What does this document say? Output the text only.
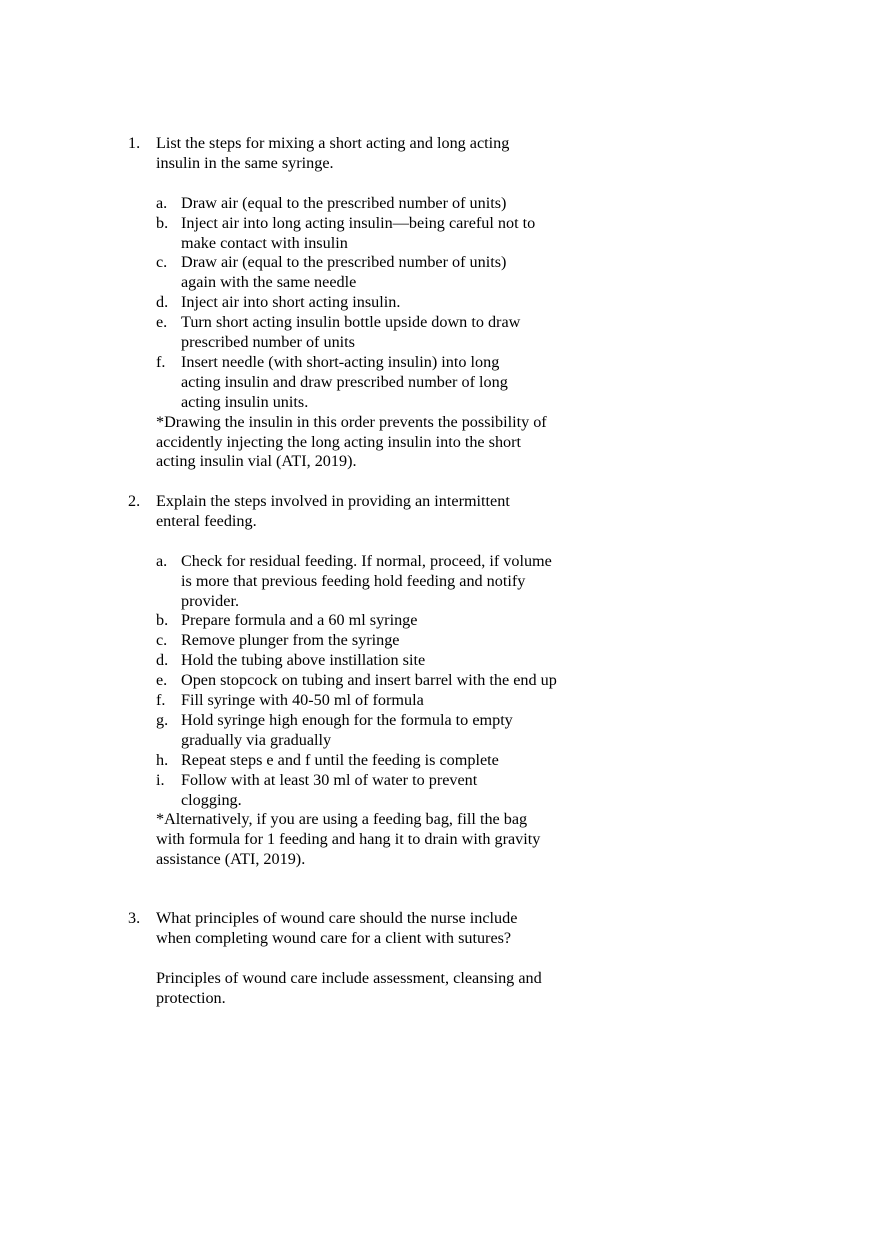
1. List the steps for mixing a short acting and long acting insulin in the same syringe.
a. Draw air (equal to the prescribed number of units)
b. Inject air into long acting insulin—being careful not to make contact with insulin
c. Draw air (equal to the prescribed number of units) again with the same needle
d. Inject air into short acting insulin.
e. Turn short acting insulin bottle upside down to draw prescribed number of units
f. Insert needle (with short-acting insulin) into long acting insulin and draw prescribed number of long acting insulin units.
*Drawing the insulin in this order prevents the possibility of accidently injecting the long acting insulin into the short acting insulin vial (ATI, 2019).
2. Explain the steps involved in providing an intermittent enteral feeding.
a. Check for residual feeding. If normal, proceed, if volume is more that previous feeding hold feeding and notify provider.
b. Prepare formula and a 60 ml syringe
c. Remove plunger from the syringe
d. Hold the tubing above instillation site
e. Open stopcock on tubing and insert barrel with the end up
f. Fill syringe with 40-50 ml of formula
g. Hold syringe high enough for the formula to empty gradually via gradually
h. Repeat steps e and f until the feeding is complete
i. Follow with at least 30 ml of water to prevent clogging.
*Alternatively, if you are using a feeding bag, fill the bag with formula for 1 feeding and hang it to drain with gravity assistance (ATI, 2019).
3. What principles of wound care should the nurse include when completing wound care for a client with sutures?
Principles of wound care include assessment, cleansing and protection.
